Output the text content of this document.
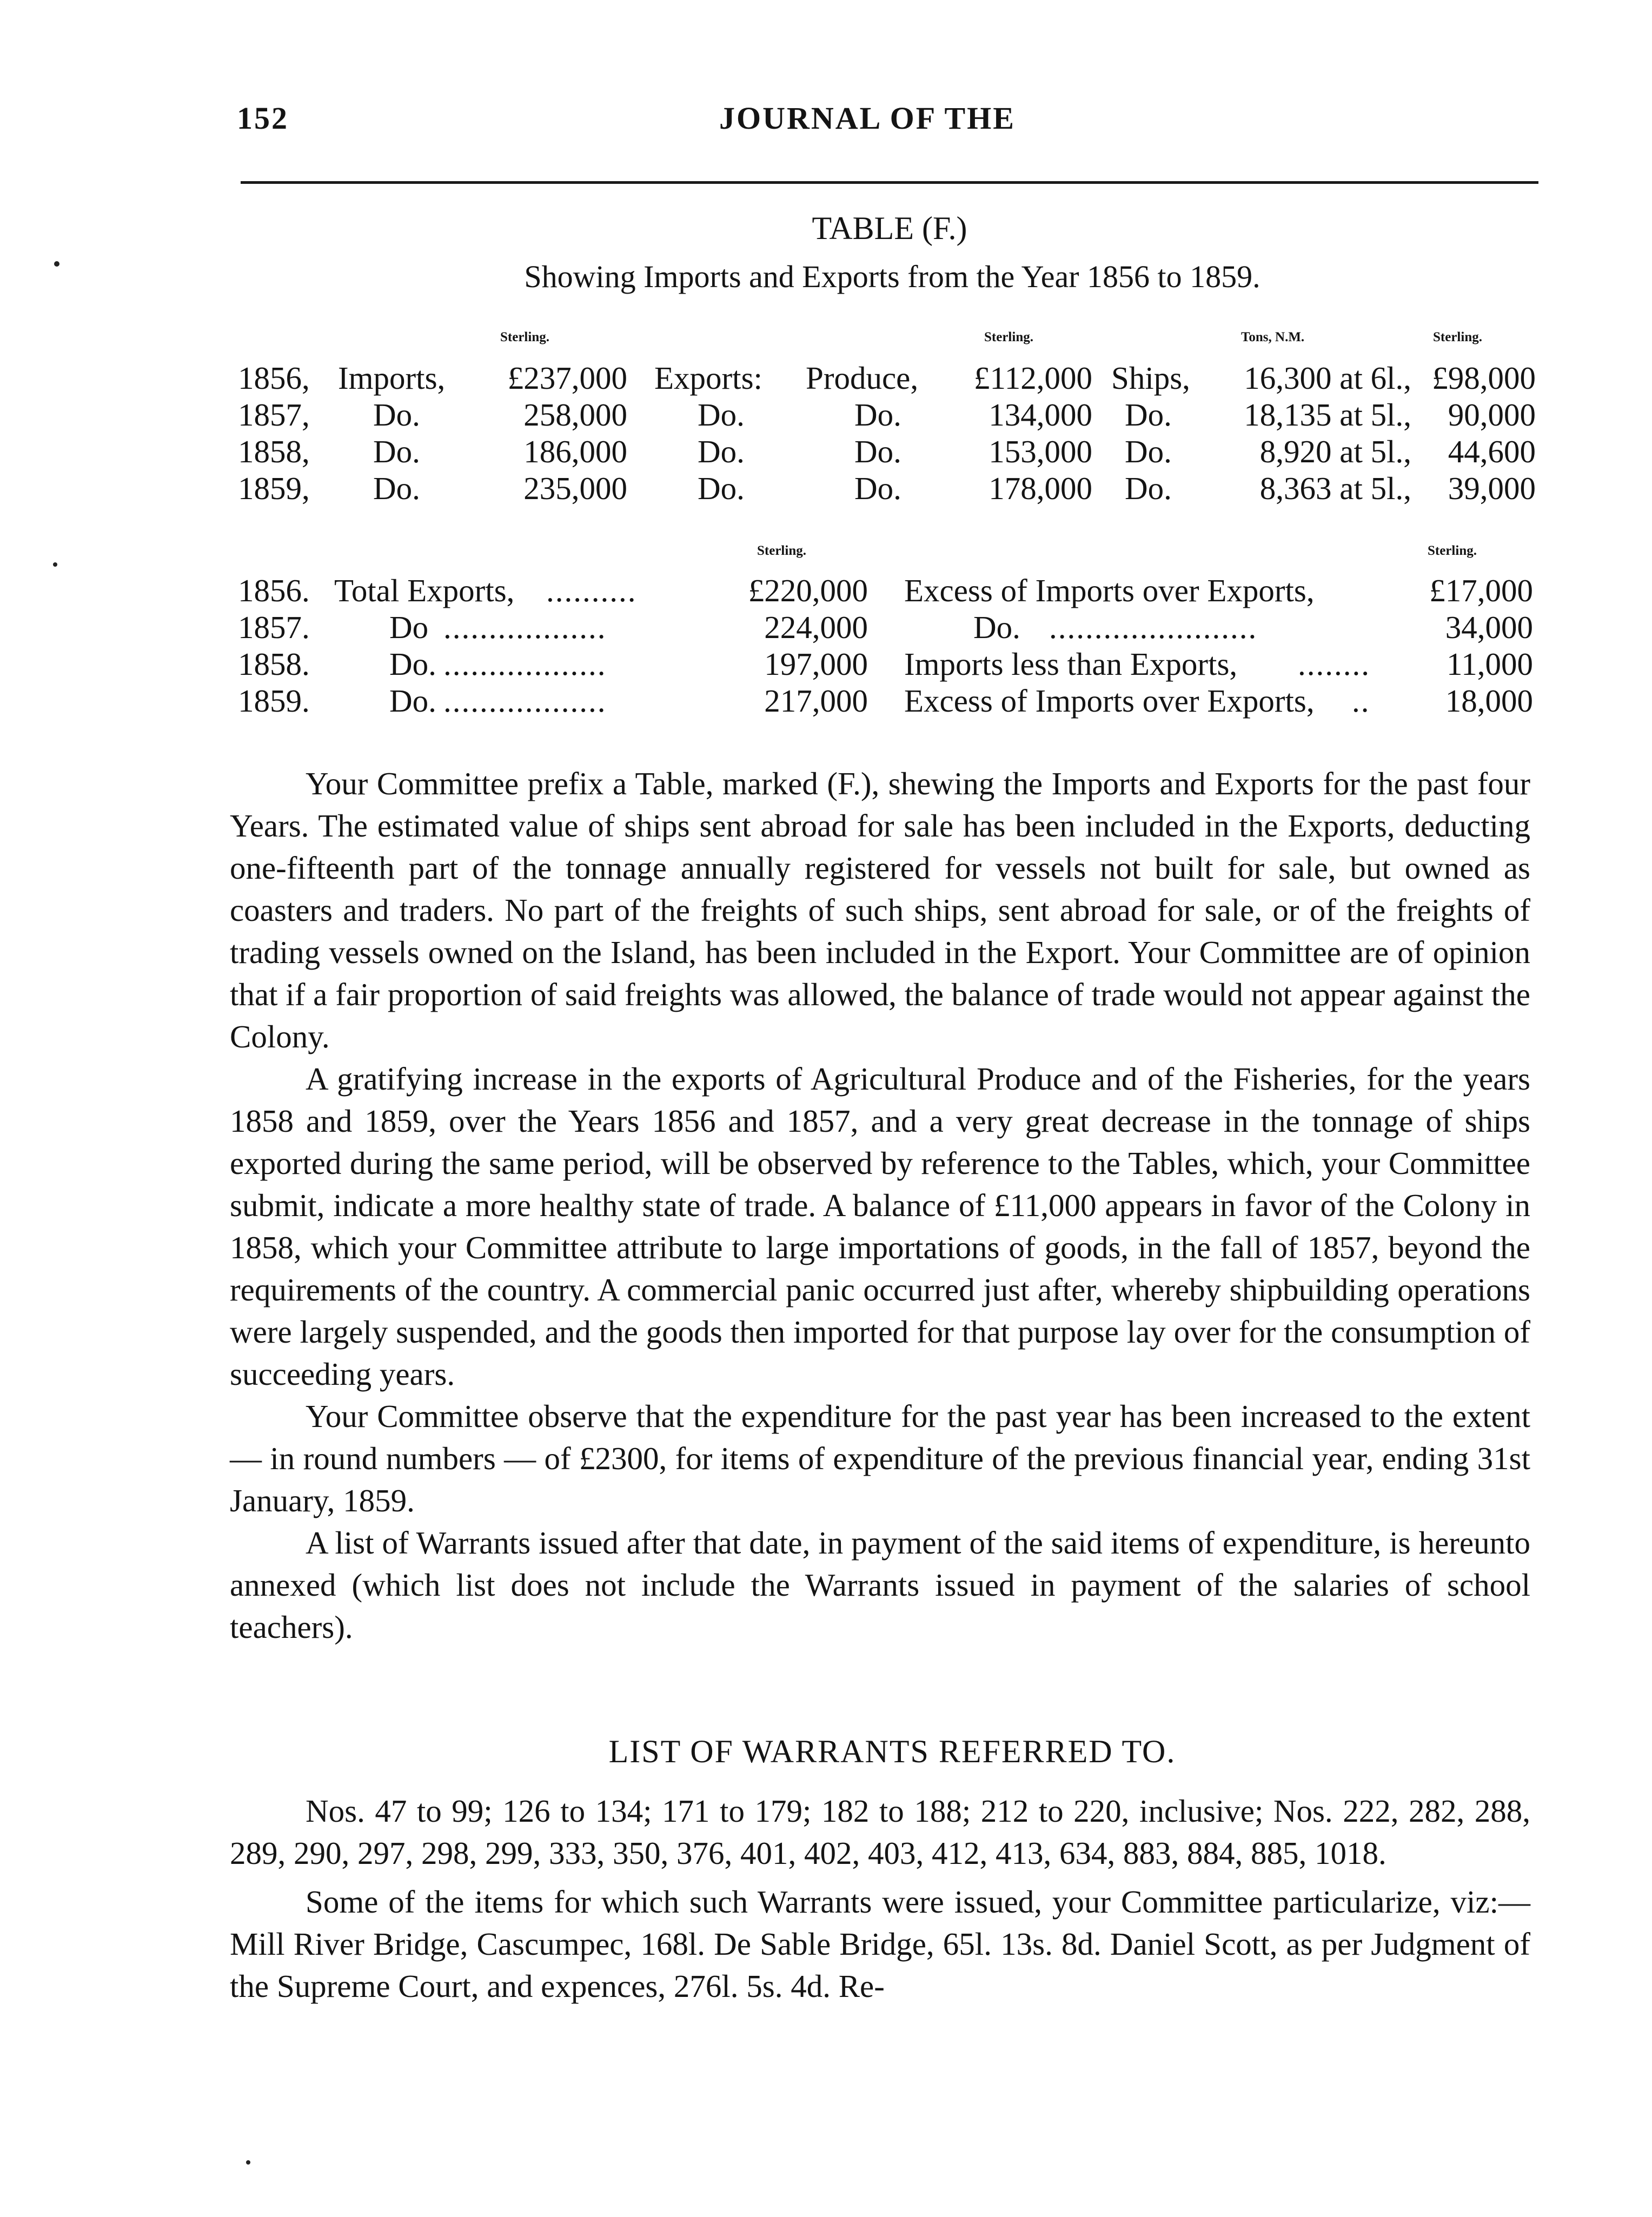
152	JOURNAL OF THE
TABLE (F.)
Showing Imports and Exports from the Year 1856 to 1859.
Sterling.	Sterling.	Tons, N.M.	Sterling.
1856, Imports,	£237,000 Exports: Produce,	£112,000 Ships,	16,300 at 6l., £98,000
1857, Do.	258,000 Do.	Do.	134,000 Do.	18,135 at 5l.,	90,000
1858, Do.	186,000 Do.	Do.	153,000 Do.	8,920 at 5l.,	44,600
1859, Do.	235,000 Do.	Do.	178,000 Do.	8,363 at 5l.,	39,000
Sterling.	Sterling.
1856. Total Exports, ..........	£220,000 Excess of Imports over Exports,	£17,000
1857. Do ..................	224,000	Do. .......................	34,000
1858. Do. ..................	197,000 Imports less than Exports, ........	11,000
1859. Do. ..................	217,000 Excess of Imports over Exports, ..	18,000

Your Committee prefix a Table, marked (F.), shewing the Imports and Exports for the past four Years. The estimated value of ships sent abroad for sale has been included in the Exports, deducting one-fifteenth part of the tonnage annually registered for vessels not built for sale, but owned as coasters and traders. No part of the freights of such ships, sent abroad for sale, or of the freights of trading vessels owned on the Island, has been included in the Export. Your Committee are of opinion that if a fair proportion of said freights was allowed, the balance of trade would not appear against the Colony.

A gratifying increase in the exports of Agricultural Produce and of the Fisheries, for the years 1858 and 1859, over the Years 1856 and 1857, and a very great decrease in the tonnage of ships exported during the same period, will be observed by reference to the Tables, which, your Committee submit, indicate a more healthy state of trade. A balance of £11,000 appears in favor of the Colony in 1858, which your Committee attribute to large importations of goods, in the fall of 1857, beyond the requirements of the country. A commercial panic occurred just after, whereby shipbuilding operations were largely suspended, and the goods then imported for that purpose lay over for the consumption of succeeding years.

Your Committee observe that the expenditure for the past year has been increased to the extent — in round numbers — of £2300, for items of expenditure of the previous financial year, ending 31st January, 1859.

A list of Warrants issued after that date, in payment of the said items of expenditure, is hereunto annexed (which list does not include the Warrants issued in payment of the salaries of school teachers).

LIST OF WARRANTS REFERRED TO.

Nos. 47 to 99; 126 to 134; 171 to 179; 182 to 188; 212 to 220, inclusive; Nos. 222, 282, 288, 289, 290, 297, 298, 299, 333, 350, 376, 401, 402, 403, 412, 413, 634, 883, 884, 885, 1018.

Some of the items for which such Warrants were issued, your Committee particularize, viz:— Mill River Bridge, Cascumpec, 168l. De Sable Bridge, 65l. 13s. 8d. Daniel Scott, as per Judgment of the Supreme Court, and expences, 276l. 5s. 4d. Re-
